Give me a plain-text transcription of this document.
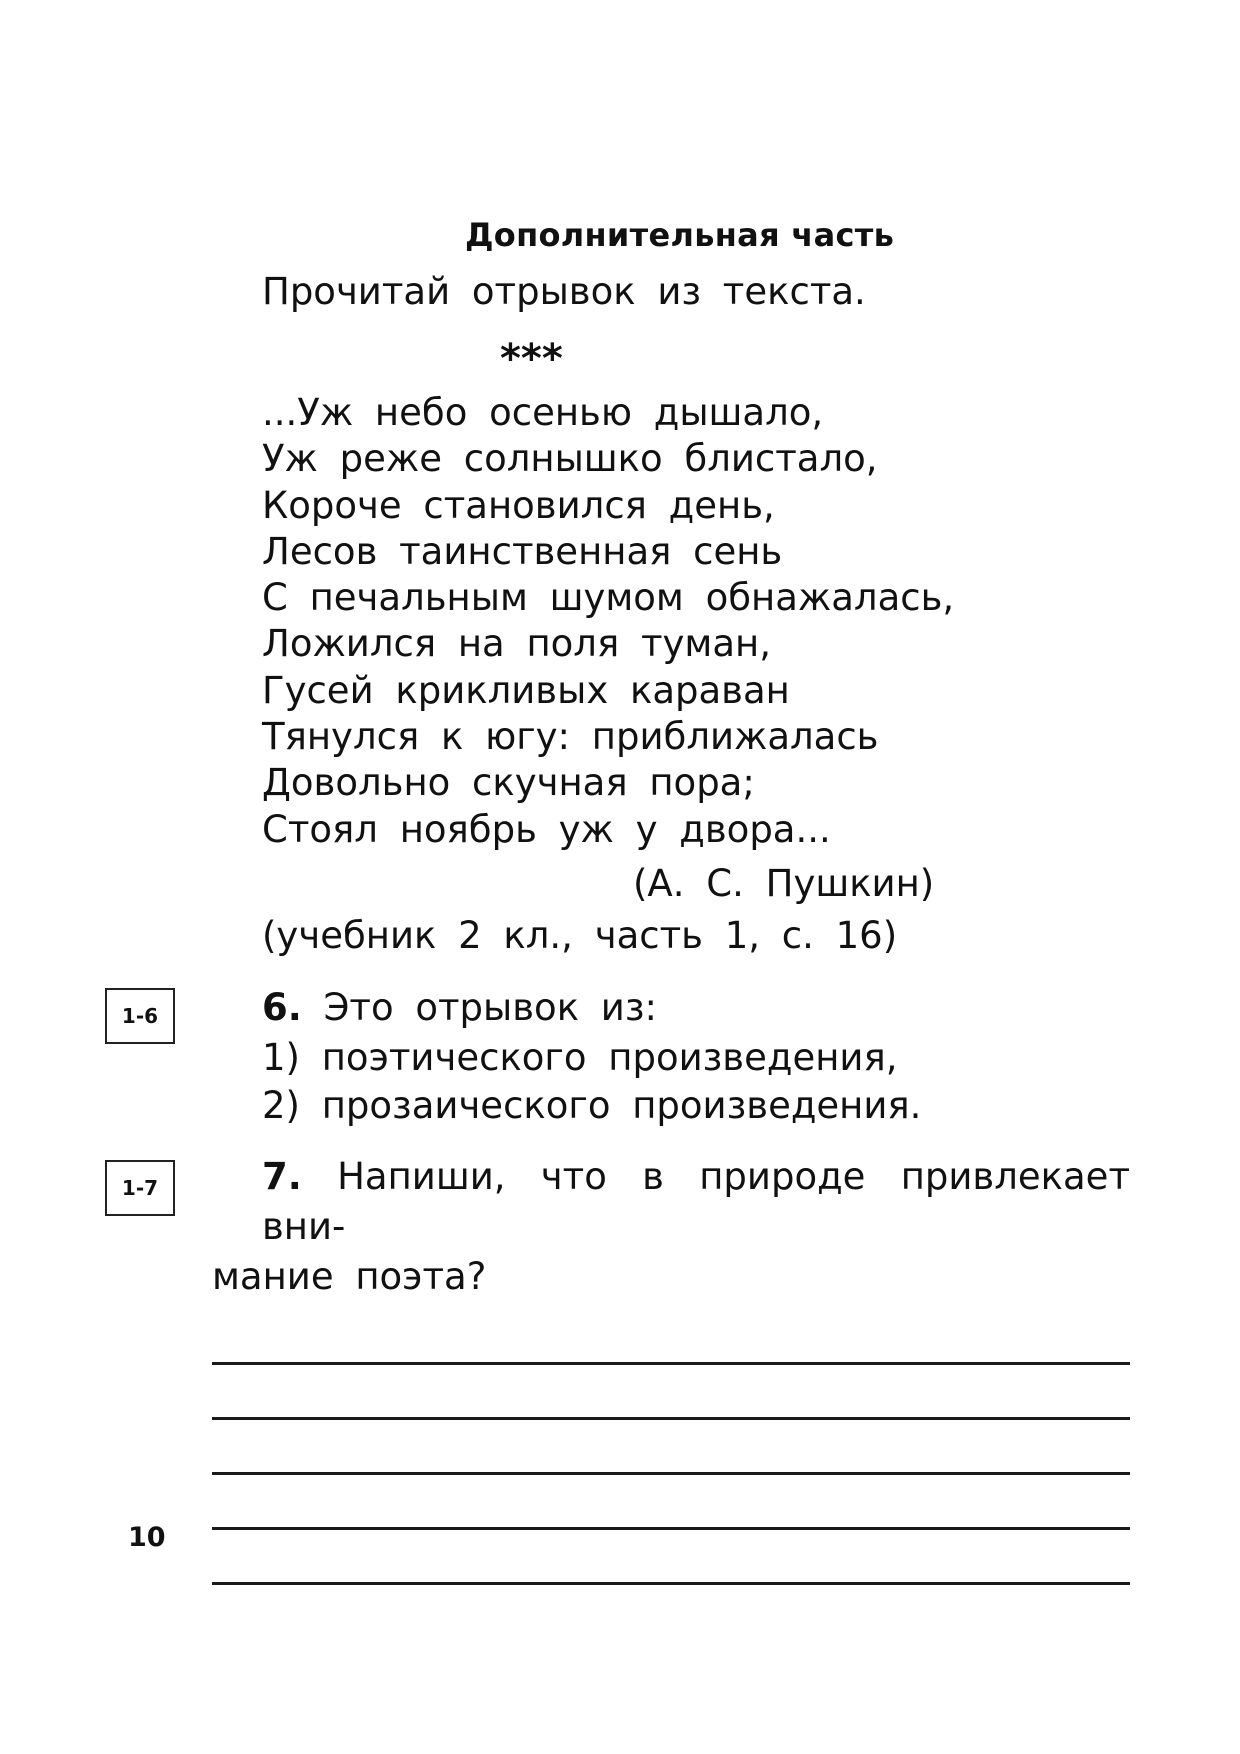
Дополнительная часть
Прочитай отрывок из текста.
***
...Уж небо осенью дышало,
Уж реже солнышко блистало,
Короче становился день,
Лесов таинственная сень
С печальным шумом обнажалась,
Ложился на поля туман,
Гусей крикливых караван
Тянулся к югу: приближалась
Довольно скучная пора;
Стоял ноябрь уж у двора...
(А. С. Пушкин)
(учебник 2 кл., часть 1, с. 16)
1-6	6. Это отрывок из:
1) поэтического произведения,
2) прозаического произведения.
1-7	7. Напиши, что в природе привлекает вни-
мание поэта?
10
